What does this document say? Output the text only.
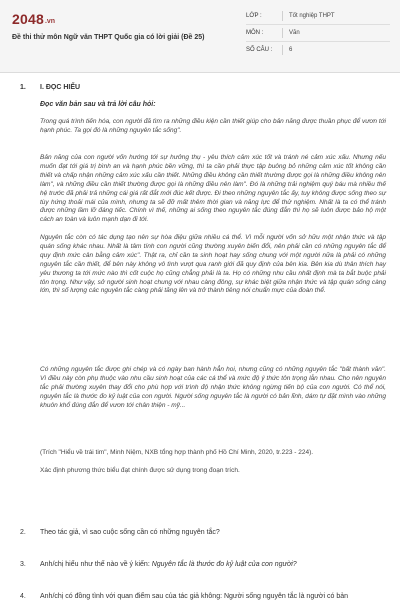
2048 .vn
Đề thi thử môn Ngữ văn THPT Quốc gia có lời giải (Đề 25)
LỚP :	Tốt nghiệp THPT
MÔN :	Văn
SỐ CÂU :	6
1. I. ĐỌC HIỂU
Đọc văn bản sau và trả lời câu hỏi:

Trong quá trình tiến hóa, con người đã tìm ra những điều kiện cần thiết giúp cho bản năng được thuần phục để vươn tới hạnh phúc. Ta gọi đó là những nguyên tắc sống".

Bản năng của con người vốn hướng tới sự hưởng thụ - yêu thích cảm xúc tốt và tránh né cảm xúc xấu. Nhưng nếu muốn đạt tới giá trị bình an và hạnh phúc bền vững, thì ta cần phải thực tập buông bỏ những cảm xúc tốt không cần thiết và chấp nhận những cảm xúc xấu cần thiết. Những điều không cần thiết thường được gọi là những điều không nên làm", và những điều cần thiết thường được gọi là những điều nên làm". Đó là những trải nghiệm quý báu mà nhiều thế hệ trước đã phải trả những cái giá rất đắt mới đúc kết được. Đi theo những nguyên tắc ấy, tuy không được sống theo sự tùy hứng thoải mái của mình, nhưng ta sẽ đỡ mất thêm thời gian và năng lực để thử nghiệm. Nhất là ta có thể tránh được những lầm lỡ đáng tiếc. Chính vì thế, những ai sống theo nguyên tắc đúng đắn thì họ sẽ luôn được bảo hộ một cách an toàn và luôn mạnh dạn đi tới.

Nguyên tắc còn có tác dụng tạo nên sự hòa điệu giữa nhiều cá thể. Vì mỗi người vốn sở hữu một nhận thức và tập quán sống khác nhau. Nhất là tâm tính con người cũng thường xuyên biến đổi, nên phải cần có những nguyên tắc để quy định mức cân bằng cảm xúc". Thật ra, chỉ cần ta sinh hoạt hay sống chung với một người nữa là phải có những nguyên tắc cần thiết, để bên này không vô tình vượt qua ranh giới đã quy định của bên kia. Bên kia dù thân thích hay yêu thương ta tới mức nào thì cốt cuộc họ cũng chẳng phải là ta. Họ có những nhu cầu nhất định mà ta bắt buộc phải tôn trọng. Như vậy, sở người sinh hoạt chung với nhau càng đông, sự khác biệt giữa nhận thức và tập quán sống càng lớn, thì số lượng các nguyên tắc càng phải tăng lên và trở thành tiêng nói chuẩn mực của đoàn thể.

Có những nguyên tắc được ghi chép và có ngày ban hành hẳn hoi, nhưng cũng có những nguyên tắc "bất thành văn". Vì điều này còn phụ thuộc vào nhu cầu sinh hoạt của các cá thể và mức độ ý thức tôn trọng lẫn nhau. Cho nên nguyên tắc phải thường xuyên thay đổi cho phù hợp với trình độ nhận thức không ngừng tiến bộ của con người. Có thể nói, nguyên tắc là thước đo kỷ luật của con người. Người sống nguyên tắc là người có bản lĩnh, dám tự đặt mình vào những khuôn khổ đúng đắn để vươn tới chân thiện - mỹ...

(Trích "Hiểu về trái tim", Minh Niệm, NXB tổng hợp thành phố Hồ Chí Minh, 2020, tr.223 - 224).

Xác định phương thức biểu đạt chính được sử dụng trong đoạn trích.

2. Theo tác giả, vì sao cuộc sống cần có những nguyên tắc?
3. Anh/chị hiểu như thế nào về ý kiến: Nguyên tắc là thước đo kỷ luật của con người?
4. Anh/chị có đồng tình với quan điểm sau của tác giả không: Người sống nguyên tắc là người có bản
